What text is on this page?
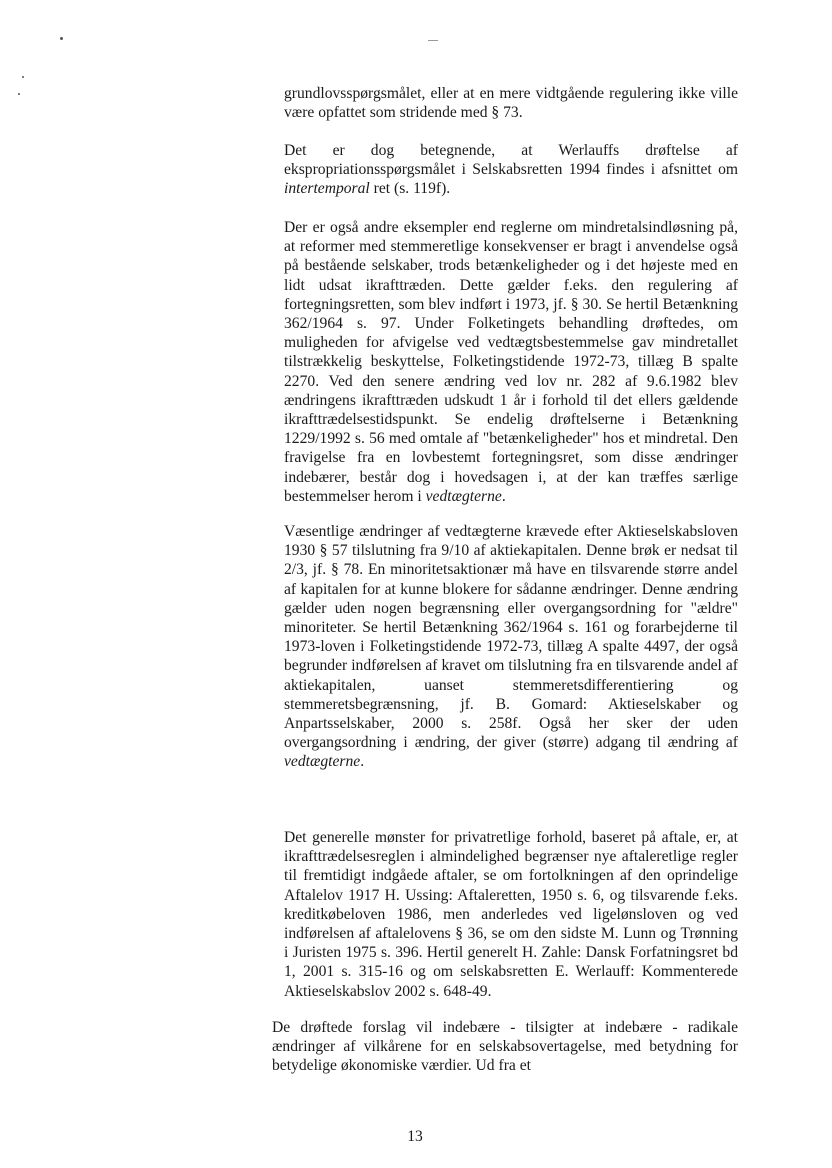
grundlovsspørgsmålet, eller at en mere vidtgående regulering ikke ville være opfattet som stridende med § 73.

Det er dog betegnende, at Werlauffs drøftelse af ekspropriationsspørgsmålet i Selskabsretten 1994 findes i afsnittet om intertemporal ret (s. 119f).

Der er også andre eksempler end reglerne om mindretalsindløsning på, at reformer med stemmeretlige konsekvenser er bragt i anvendelse også på bestående selskaber, trods betænkeligheder og i det højeste med en lidt udsat ikrafttræden. Dette gælder f.eks. den regulering af fortegningsretten, som blev indført i 1973, jf. § 30. Se hertil Betænkning 362/1964 s. 97. Under Folketingets behandling drøftedes, om muligheden for afvigelse ved vedtægtsbestemmelse gav mindretallet tilstrækkelig beskyttelse, Folketingstidende 1972-73, tillæg B spalte 2270. Ved den senere ændring ved lov nr. 282 af 9.6.1982 blev ændringens ikrafttræden udskudt 1 år i forhold til det ellers gældende ikrafttrædelsestidspunkt. Se endelig drøftelserne i Betænkning 1229/1992 s. 56 med omtale af "betænkeligheder" hos et mindretal. Den fravigelse fra en lovbestemt fortegningsret, som disse ændringer indebærer, består dog i hovedsagen i, at der kan træffes særlige bestemmelser herom i vedtægterne.

Væsentlige ændringer af vedtægterne krævede efter Aktieselskabsloven 1930 § 57 tilslutning fra 9/10 af aktiekapitalen. Denne brøk er nedsat til 2/3, jf. § 78. En minoritetsaktionær må have en tilsvarende større andel af kapitalen for at kunne blokere for sådanne ændringer. Denne ændring gælder uden nogen begrænsning eller overgangsordning for "ældre" minoriteter. Se hertil Betænkning 362/1964 s. 161 og forarbejderne til 1973-loven i Folketingstidende 1972-73, tillæg A spalte 4497, der også begrunder indførelsen af kravet om tilslutning fra en tilsvarende andel af aktiekapitalen, uanset stemmeretsdifferentiering og stemmeretsbegrænsning, jf. B. Gomard: Aktieselskaber og Anpartsselskaber, 2000 s. 258f. Også her sker der uden overgangsordning i ændring, der giver (større) adgang til ændring af vedtægterne.

Det generelle mønster for privatretlige forhold, baseret på aftale, er, at ikrafttrædelsesreglen i almindelighed begrænser nye aftaleretlige regler til fremtidigt indgåede aftaler, se om fortolkningen af den oprindelige Aftalelov 1917 H. Ussing: Aftaleretten, 1950 s. 6, og tilsvarende f.eks. kreditkøbeloven 1986, men anderledes ved ligelønsloven og ved indførelsen af aftalelovens § 36, se om den sidste M. Lunn og Trønning i Juristen 1975 s. 396. Hertil generelt H. Zahle: Dansk Forfatningsret bd 1, 2001 s. 315-16 og om selskabsretten E. Werlauff: Kommenterede Aktieselskabslov 2002 s. 648-49.

De drøftede forslag vil indebære - tilsigter at indebære - radikale ændringer af vilkårene for en selskabsovertagelse, med betydning for betydelige økonomiske værdier. Ud fra et

13
